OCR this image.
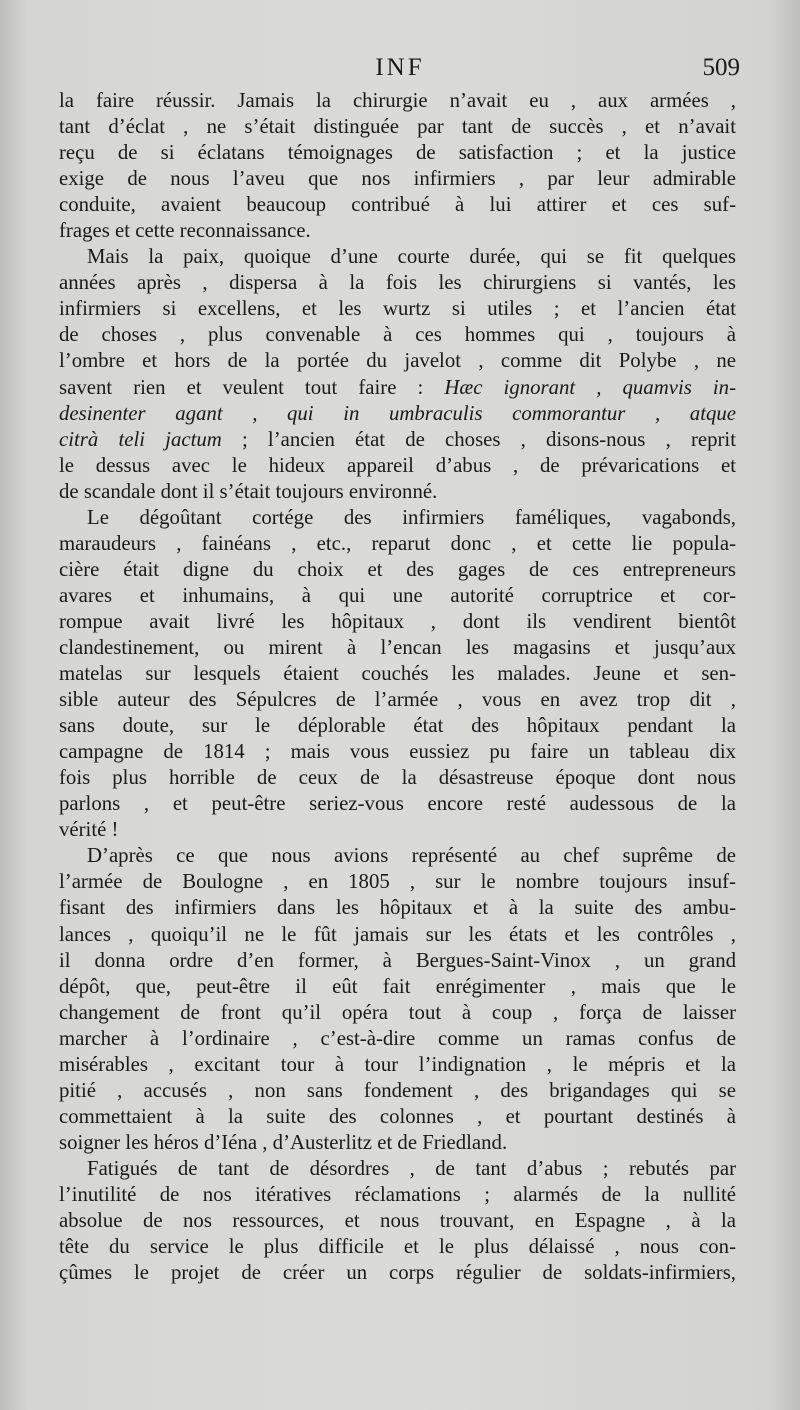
INF	509
la faire réussir. Jamais la chirurgie n’avait eu , aux armées ,
tant d’éclat , ne s’était distinguée par tant de succès , et n’avait
reçu de si éclatans témoignages de satisfaction ; et la justice
exige de nous l’aveu que nos infirmiers , par leur admirable
conduite, avaient beaucoup contribué à lui attirer et ces suf-
frages et cette reconnaissance.
Mais la paix, quoique d’une courte durée, qui se fit quelques
années après , dispersa à la fois les chirurgiens si vantés, les
infirmiers si excellens, et les wurtz si utiles ; et l’ancien état
de choses , plus convenable à ces hommes qui , toujours à
l’ombre et hors de la portée du javelot , comme dit Polybe , ne
savent rien et veulent tout faire : Hæc ignorant , quamvis in-
desinenter agant , qui in umbraculis commorantur , atque
citrà teli jactum ; l’ancien état de choses , disons-nous , reprit
le dessus avec le hideux appareil d’abus , de prévarications et
de scandale dont il s’était toujours environné.
Le dégoûtant cortége des infirmiers faméliques, vagabonds,
maraudeurs , fainéans , etc., reparut donc , et cette lie popula-
cière était digne du choix et des gages de ces entrepreneurs
avares et inhumains, à qui une autorité corruptrice et cor-
rompue avait livré les hôpitaux , dont ils vendirent bientôt
clandestinement, ou mirent à l’encan les magasins et jusqu’aux
matelas sur lesquels étaient couchés les malades. Jeune et sen-
sible auteur des Sépulcres de l’armée , vous en avez trop dit ,
sans doute, sur le déplorable état des hôpitaux pendant la
campagne de 1814 ; mais vous eussiez pu faire un tableau dix
fois plus horrible de ceux de la désastreuse époque dont nous
parlons , et peut-être seriez-vous encore resté audessous de la
vérité !
D’après ce que nous avions représenté au chef suprême de
l’armée de Boulogne , en 1805 , sur le nombre toujours insuf-
fisant des infirmiers dans les hôpitaux et à la suite des ambu-
lances , quoiqu’il ne le fût jamais sur les états et les contrôles ,
il donna ordre d’en former, à Bergues-Saint-Vinox , un grand
dépôt, que, peut-être il eût fait enrégimenter , mais que le
changement de front qu’il opéra tout à coup , força de laisser
marcher à l’ordinaire , c’est-à-dire comme un ramas confus de
misérables , excitant tour à tour l’indignation , le mépris et la
pitié , accusés , non sans fondement , des brigandages qui se
commettaient à la suite des colonnes , et pourtant destinés à
soigner les héros d’Iéna , d’Austerlitz et de Friedland.
Fatigués de tant de désordres , de tant d’abus ; rebutés par
l’inutilité de nos itératives réclamations ; alarmés de la nullité
absolue de nos ressources, et nous trouvant, en Espagne , à la
tête du service le plus difficile et le plus délaissé , nous con-
çûmes le projet de créer un corps régulier de soldats-infirmiers,
